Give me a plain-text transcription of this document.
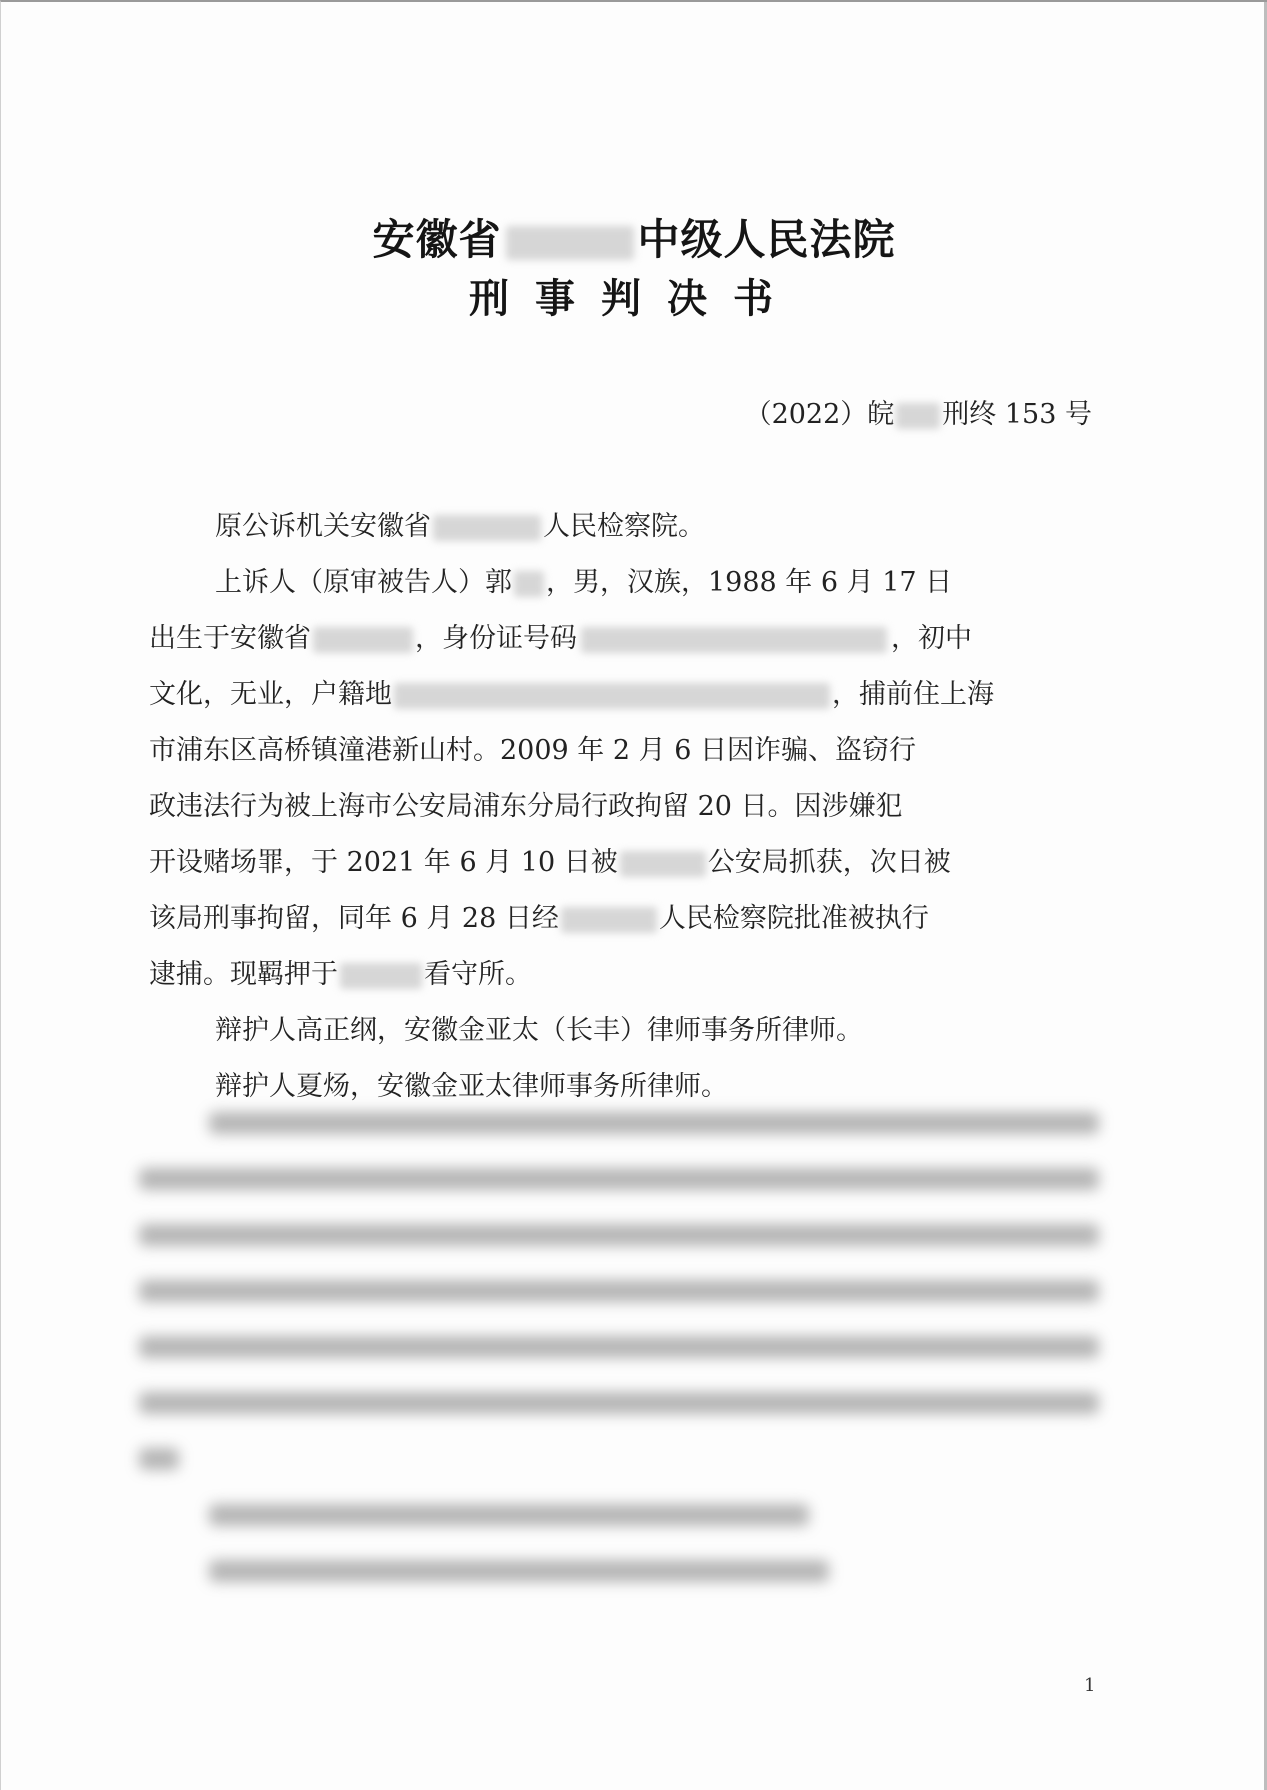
安徽省	中级人民法院
刑事判决书
（2022）皖 刑终 153 号
原公诉机关安徽省	人民检察院。
上诉人（原审被告人）郭 ，男，汉族，1988 年 6 月 17 日
出生于安徽省	，身份证号码	，初中
文化，无业，户籍地	，捕前住上海
市浦东区高桥镇潼港新山村。2009 年 2 月 6 日因诈骗、盗窃行
政违法行为被上海市公安局浦东分局行政拘留 20 日。因涉嫌犯
开设赌场罪，于 2021 年 6 月 10 日被	公安局抓获，次日被
该局刑事拘留，同年 6 月 28 日经	人民检察院批准被执行
逮捕。现羁押于	看守所。
辩护人高正纲，安徽金亚太（长丰）律师事务所律师。
辩护人夏炀，安徽金亚太律师事务所律师。
1
